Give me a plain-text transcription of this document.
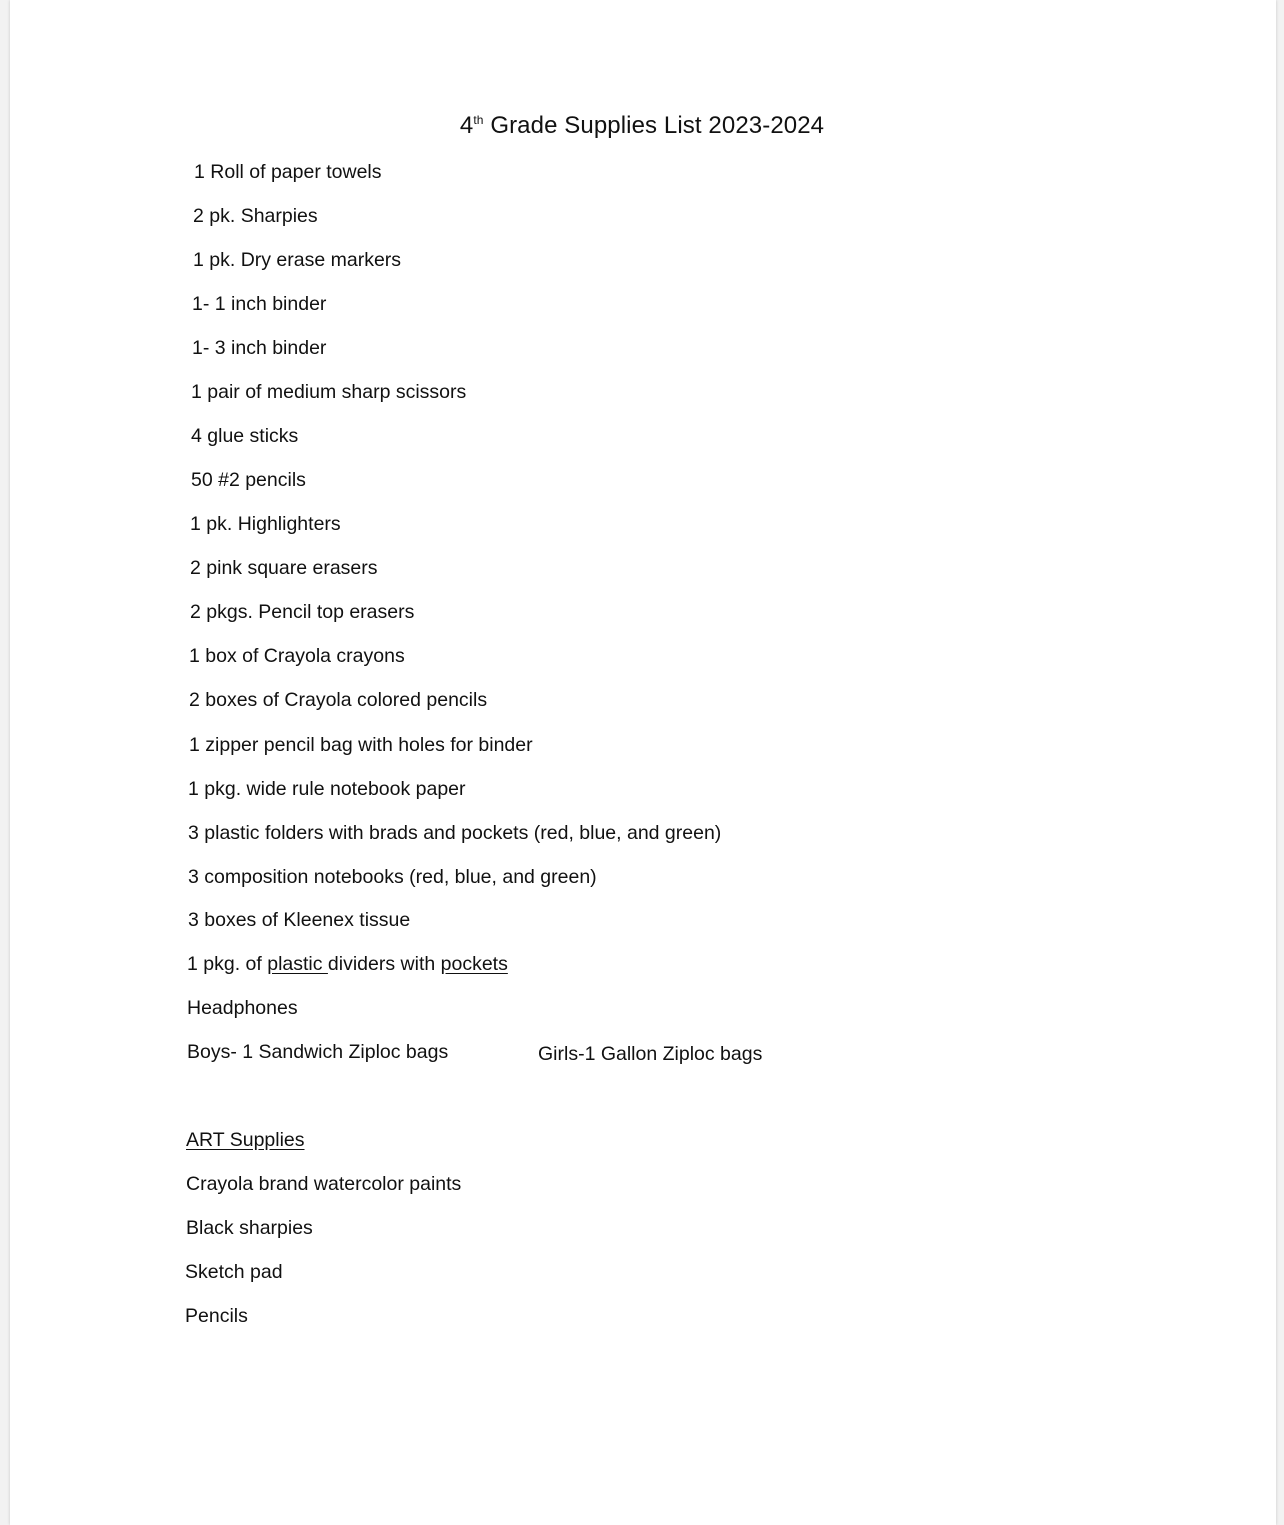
4th Grade Supplies List 2023-2024
1 Roll of paper towels
2 pk. Sharpies
1 pk. Dry erase markers
1- 1 inch binder
1- 3 inch binder
1 pair of medium sharp scissors
4 glue sticks
50 #2 pencils
1 pk. Highlighters
2 pink square erasers
2 pkgs. Pencil top erasers
1 box of Crayola crayons
2 boxes of Crayola colored pencils
1 zipper pencil bag with holes for binder
1 pkg. wide rule notebook paper
3 plastic folders with brads and pockets (red, blue, and green)
3 composition notebooks (red, blue, and green)
3 boxes of Kleenex tissue
1 pkg. of plastic dividers with pockets
Headphones
Boys- 1 Sandwich Ziploc bags	Girls-1 Gallon Ziploc bags
ART Supplies
Crayola brand watercolor paints
Black sharpies
Sketch pad
Pencils
